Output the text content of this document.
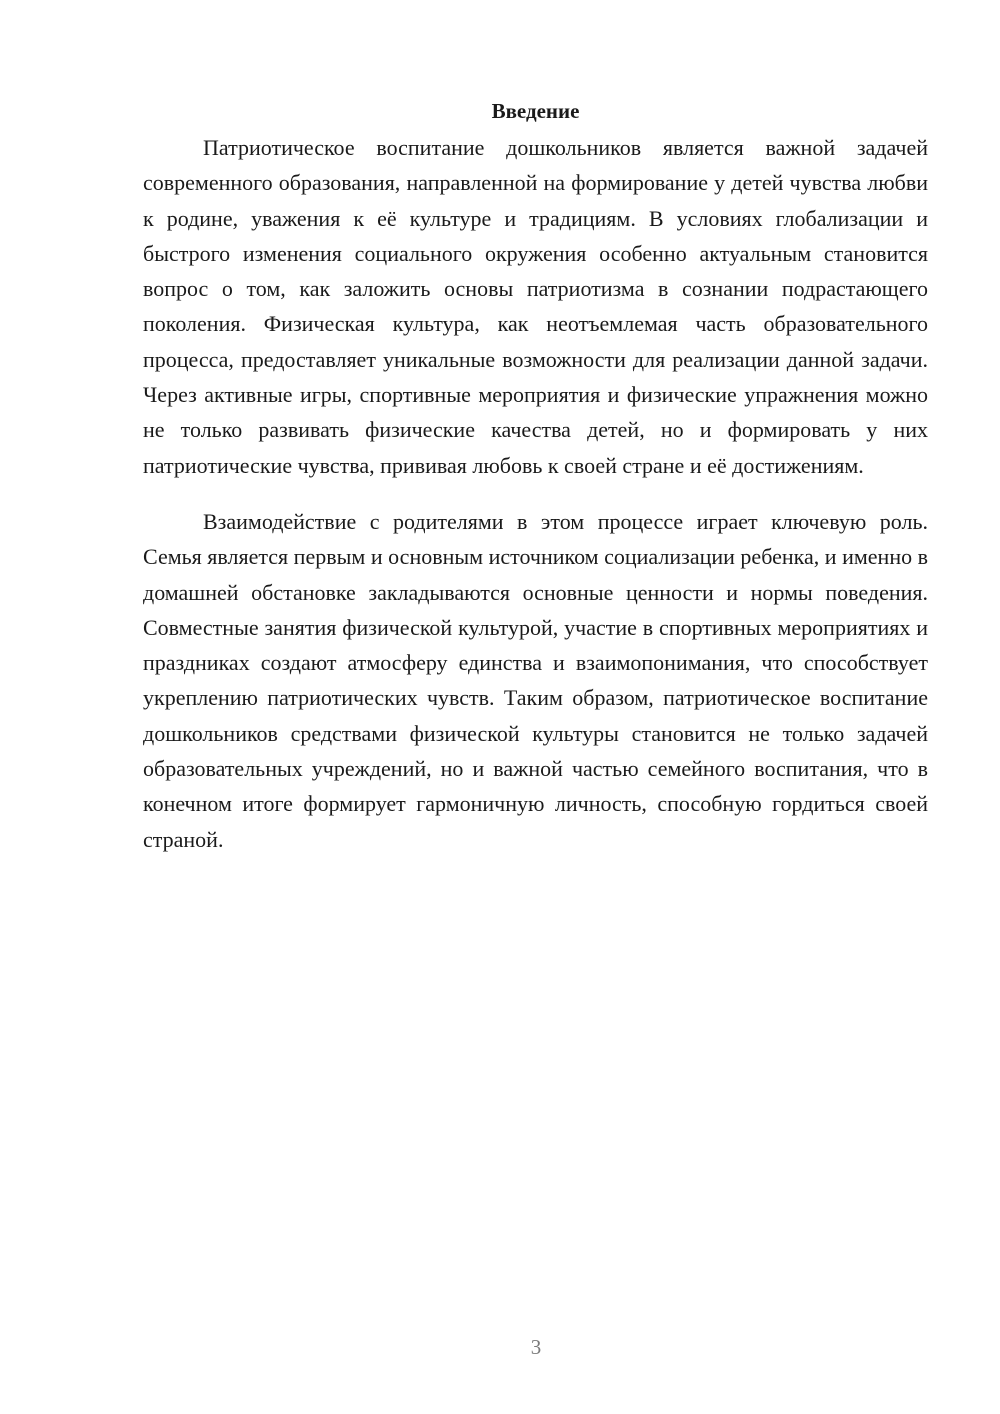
Введение

Патриотическое воспитание дошкольников является важной задачей современного образования, направленной на формирование у детей чувства любви к родине, уважения к её культуре и традициям. В условиях глобализации и быстрого изменения социального окружения особенно актуальным становится вопрос о том, как заложить основы патриотизма в сознании подрастающего поколения. Физическая культура, как неотъемлемая часть образовательного процесса, предоставляет уникальные возможности для реализации данной задачи. Через активные игры, спортивные мероприятия и физические упражнения можно не только развивать физические качества детей, но и формировать у них патриотические чувства, прививая любовь к своей стране и её достижениям.

Взаимодействие с родителями в этом процессе играет ключевую роль. Семья является первым и основным источником социализации ребенка, и именно в домашней обстановке закладываются основные ценности и нормы поведения. Совместные занятия физической культурой, участие в спортивных мероприятиях и праздниках создают атмосферу единства и взаимопонимания, что способствует укреплению патриотических чувств. Таким образом, патриотическое воспитание дошкольников средствами физической культуры становится не только задачей образовательных учреждений, но и важной частью семейного воспитания, что в конечном итоге формирует гармоничную личность, способную гордиться своей страной.

3
